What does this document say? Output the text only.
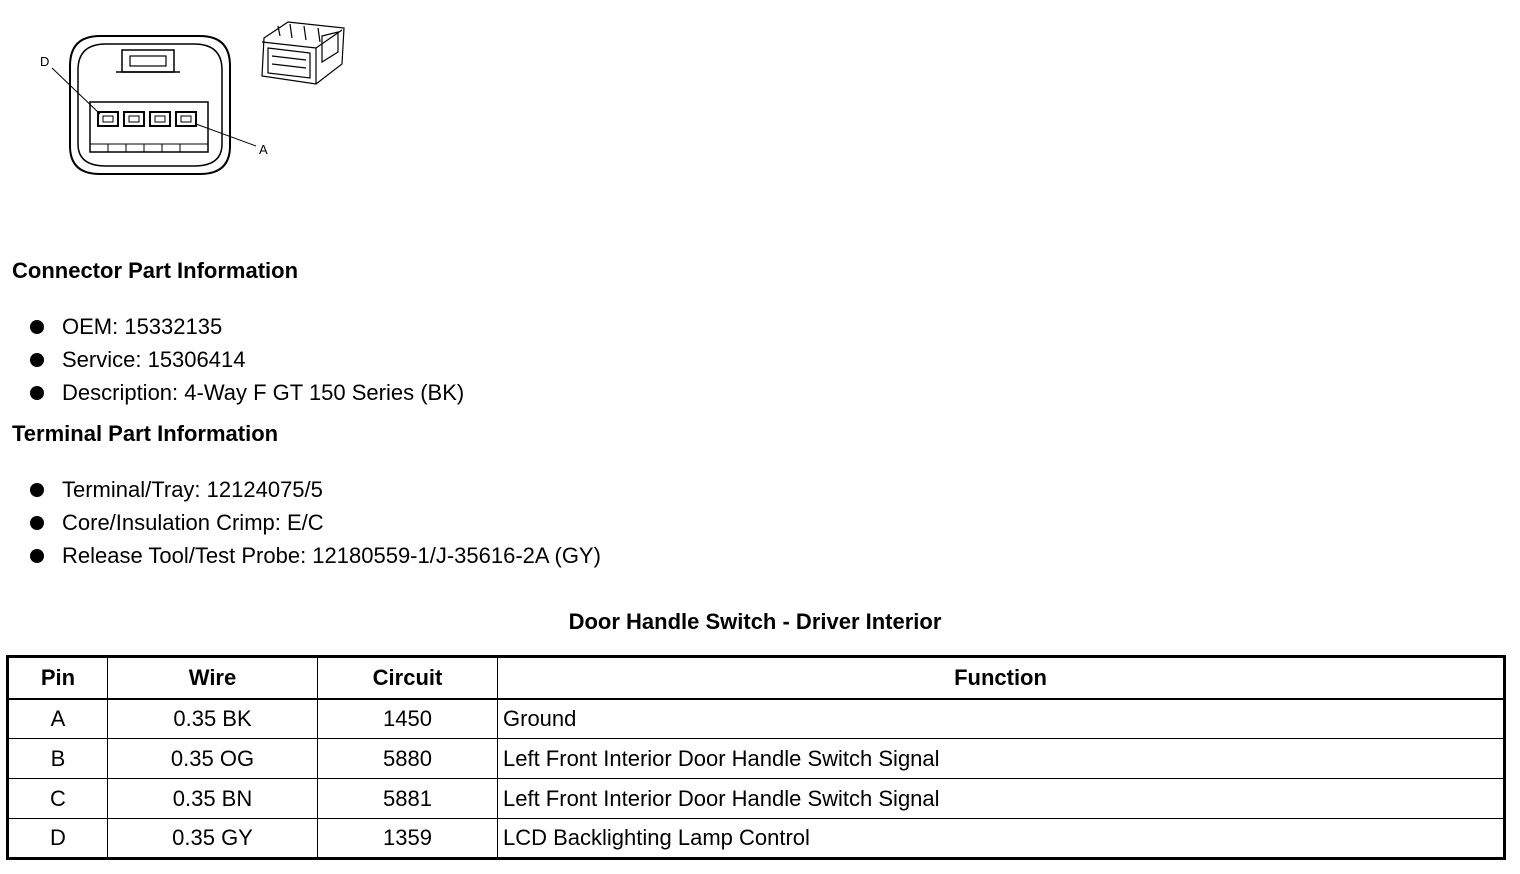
D
A
Connector Part Information
OEM: 15332135
Service: 15306414
Description: 4-Way F GT 150 Series (BK)
Terminal Part Information
Terminal/Tray: 12124075/5
Core/Insulation Crimp: E/C
Release Tool/Test Probe: 12180559-1/J-35616-2A (GY)
Door Handle Switch - Driver Interior
Pin	Wire	Circuit	Function
A	0.35 BK	1450	Ground
B	0.35 OG	5880	Left Front Interior Door Handle Switch Signal
C	0.35 BN	5881	Left Front Interior Door Handle Switch Signal
D	0.35 GY	1359	LCD Backlighting Lamp Control
